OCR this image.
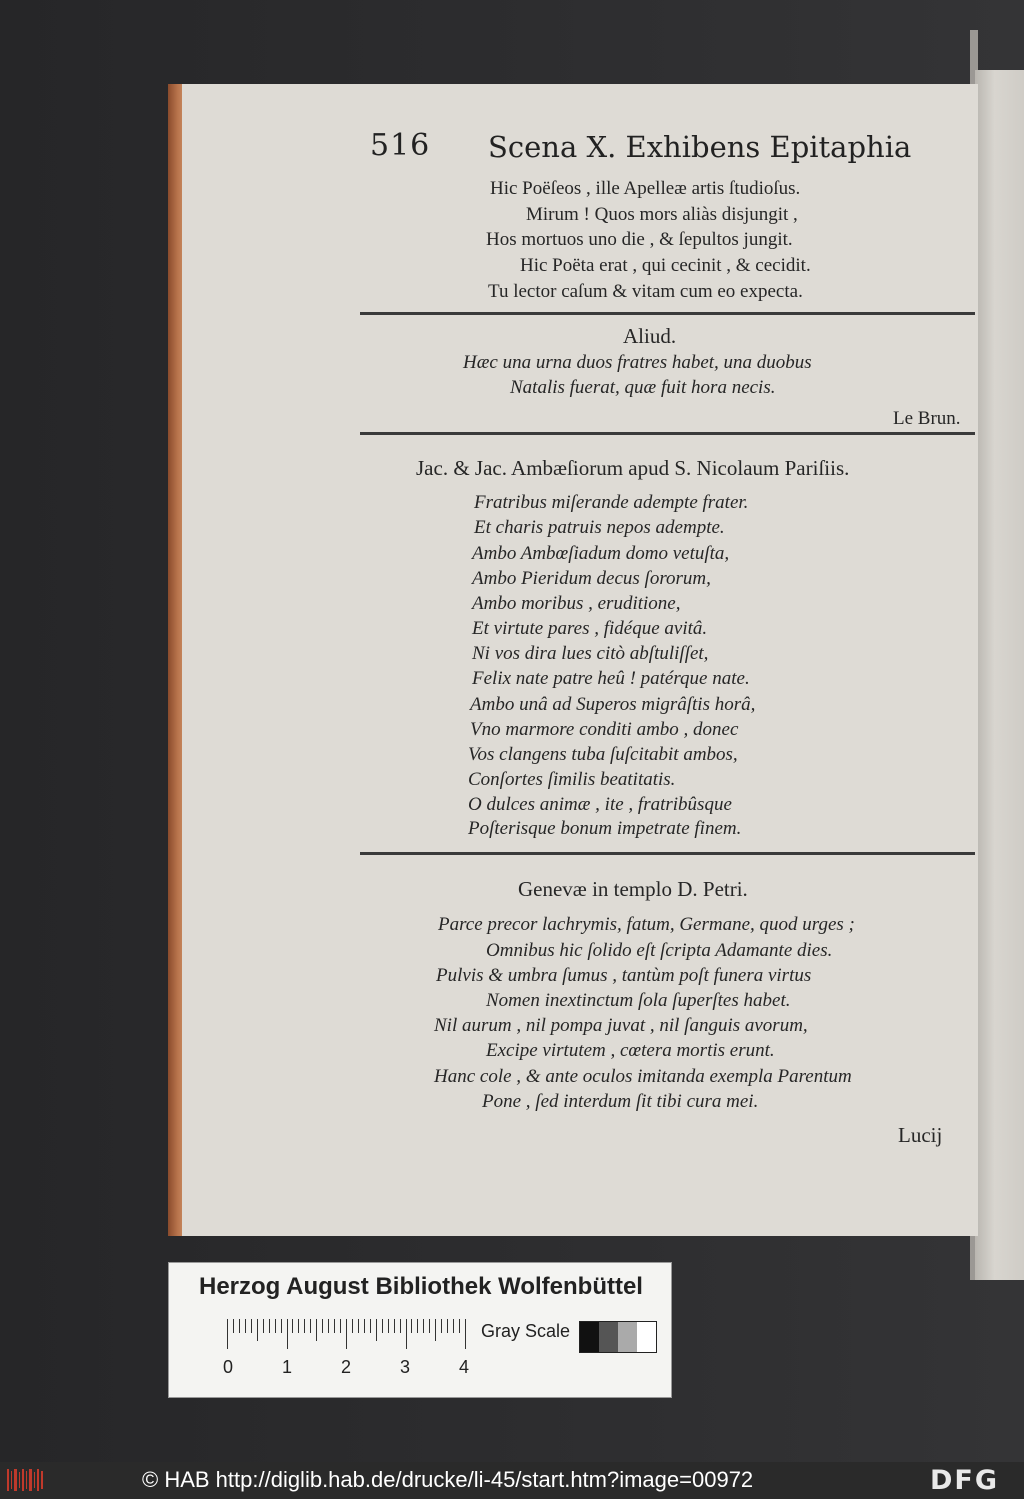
516 Scena X. Exhibens Epitaphia
Hic Poëſeos , ille Apelleæ artis ſtudioſus.
Mirum ! Quos mors aliàs disjungit ,
Hos mortuos uno die , & ſepultos jungit.
Hic Poëta erat , qui cecinit , & cecidit.
Tu lector caſum & vitam cum eo expecta.
Aliud.
Hæc una urna duos fratres habet, una duobus
Natalis fuerat, quæ fuit hora necis.
Le Brun.
Jac. & Jac. Ambæſiorum apud S. Nicolaum Pariſiis.
Fratribus miſerande adempte frater.
Et charis patruis nepos adempte.
Ambo Ambœſiadum domo vetuſta,
Ambo Pieridum decus ſororum,
Ambo moribus , eruditione,
Et virtute pares , fidéque avitâ.
Ni vos dira lues citò abſtuliſſet,
Felix nate patre heû ! patérque nate.
Ambo unâ ad Superos migrâſtis horâ,
Vno marmore conditi ambo , donec
Vos clangens tuba ſuſcitabit ambos,
Conſortes ſimilis beatitatis.
O dulces animæ , ite , fratribûsque
Poſterisque bonum impetrate finem.
Genevæ in templo D. Petri.
Parce precor lachrymis, fatum, Germane, quod urges ;
Omnibus hic ſolido eſt ſcripta Adamante dies.
Pulvis & umbra ſumus , tantùm poſt funera virtus
Nomen inextinctum ſola ſuperſtes habet.
Nil aurum , nil pompa juvat , nil ſanguis avorum,
Excipe virtutem , cœtera mortis erunt.
Hanc cole , & ante oculos imitanda exempla Parentum
Pone , ſed interdum ſit tibi cura mei.
Lucij
Herzog August Bibliothek Wolfenbüttel
0	1	2	3	4
Gray Scale
© HAB http://diglib.hab.de/drucke/li-45/start.htm?image=00972	DFG
